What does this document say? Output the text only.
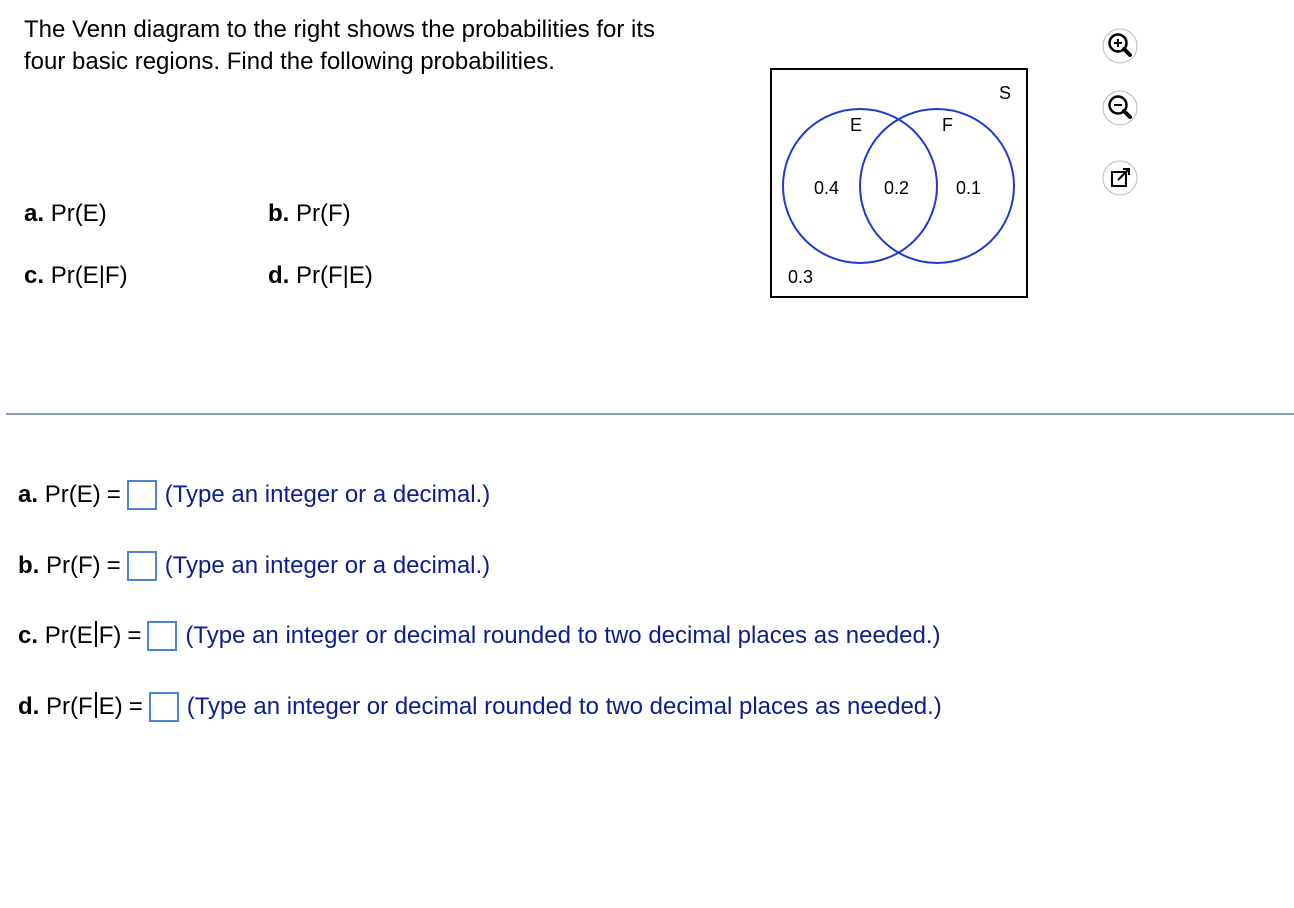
The Venn diagram to the right shows the probabilities for its four basic regions. Find the following probabilities.
a. Pr(E)	b. Pr(F)
c. Pr(E|F)	d. Pr(F|E)
S
E	F
0.4 0.2	0.1
0.3
a. Pr(E) = (Type an integer or a decimal.)
b. Pr(F) = (Type an integer or a decimal.)
c. Pr(E F) = (Type an integer or decimal rounded to two decimal places as needed.)
d. Pr(F E) = (Type an integer or decimal rounded to two decimal places as needed.)
